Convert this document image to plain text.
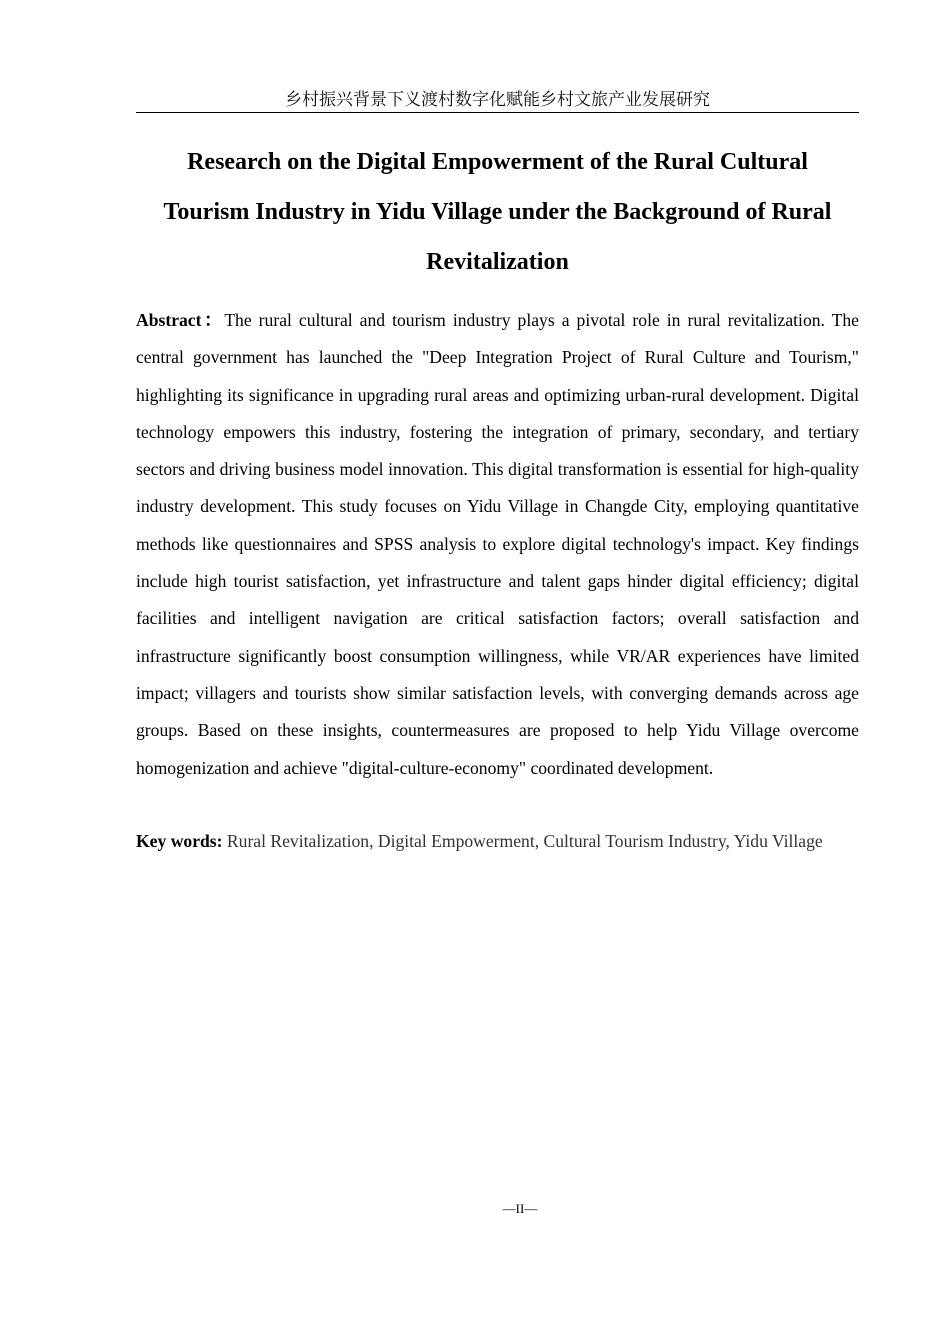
乡村振兴背景下义渡村数字化赋能乡村文旅产业发展研究
Research on the Digital Empowerment of the Rural Cultural
Tourism Industry in Yidu Village under the Background of Rural
Revitalization

Abstract：The rural cultural and tourism industry plays a pivotal role in rural revitalization. The central government has launched the "Deep Integration Project of Rural Culture and Tourism," highlighting its significance in upgrading rural areas and optimizing urban-rural development. Digital technology empowers this industry, fostering the integration of primary, secondary, and tertiary sectors and driving business model innovation. This digital transformation is essential for high-quality industry development. This study focuses on Yidu Village in Changde City, employing quantitative methods like questionnaires and SPSS analysis to explore digital technology's impact. Key findings include high tourist satisfaction, yet infrastructure and talent gaps hinder digital efficiency; digital facilities and intelligent navigation are critical satisfaction factors; overall satisfaction and infrastructure significantly boost consumption willingness, while VR/AR experiences have limited impact; villagers and tourists show similar satisfaction levels, with converging demands across age groups. Based on these insights, countermeasures are proposed to help Yidu Village overcome homogenization and achieve "digital-culture-economy" coordinated development.

Key words: Rural Revitalization, Digital Empowerment, Cultural Tourism Industry, Yidu Village

—II—
